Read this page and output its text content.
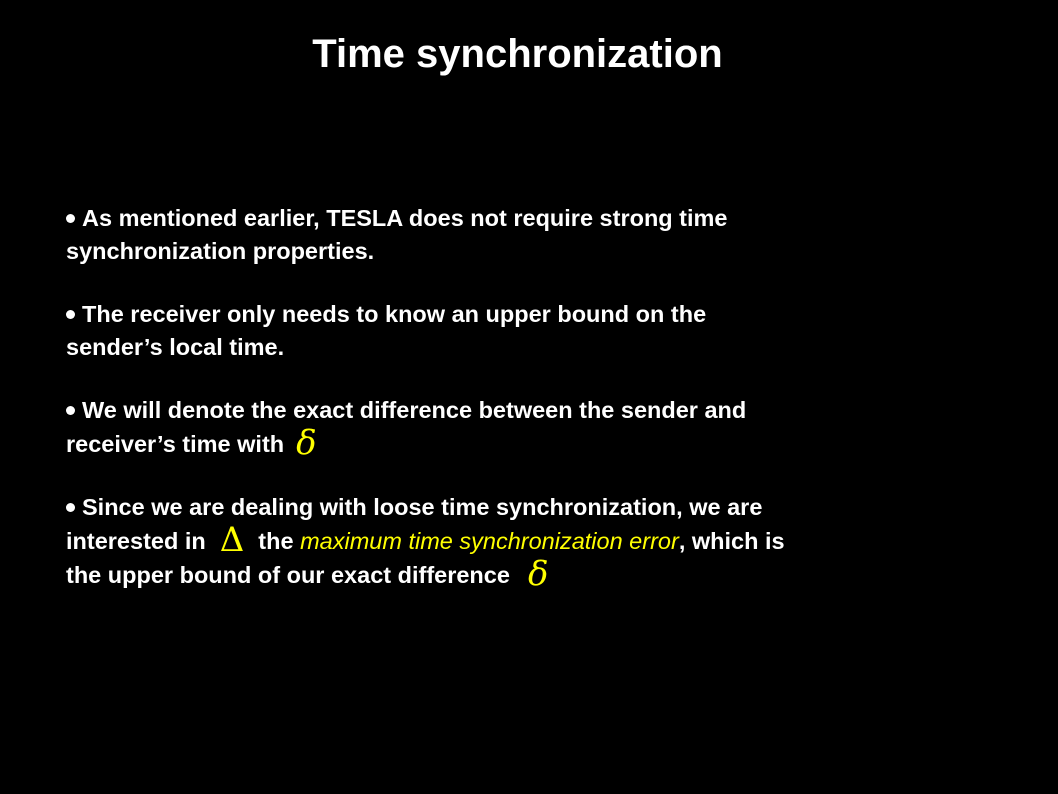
Time synchronization
As mentioned earlier, TESLA does not require strong time synchronization properties.
The receiver only needs to know an upper bound on the sender’s local time.
We will denote the exact difference between the sender and receiver’s time with δ
Since we are dealing with loose time synchronization, we are interested in Δ the maximum time synchronization error, which is the upper bound of our exact difference δ
